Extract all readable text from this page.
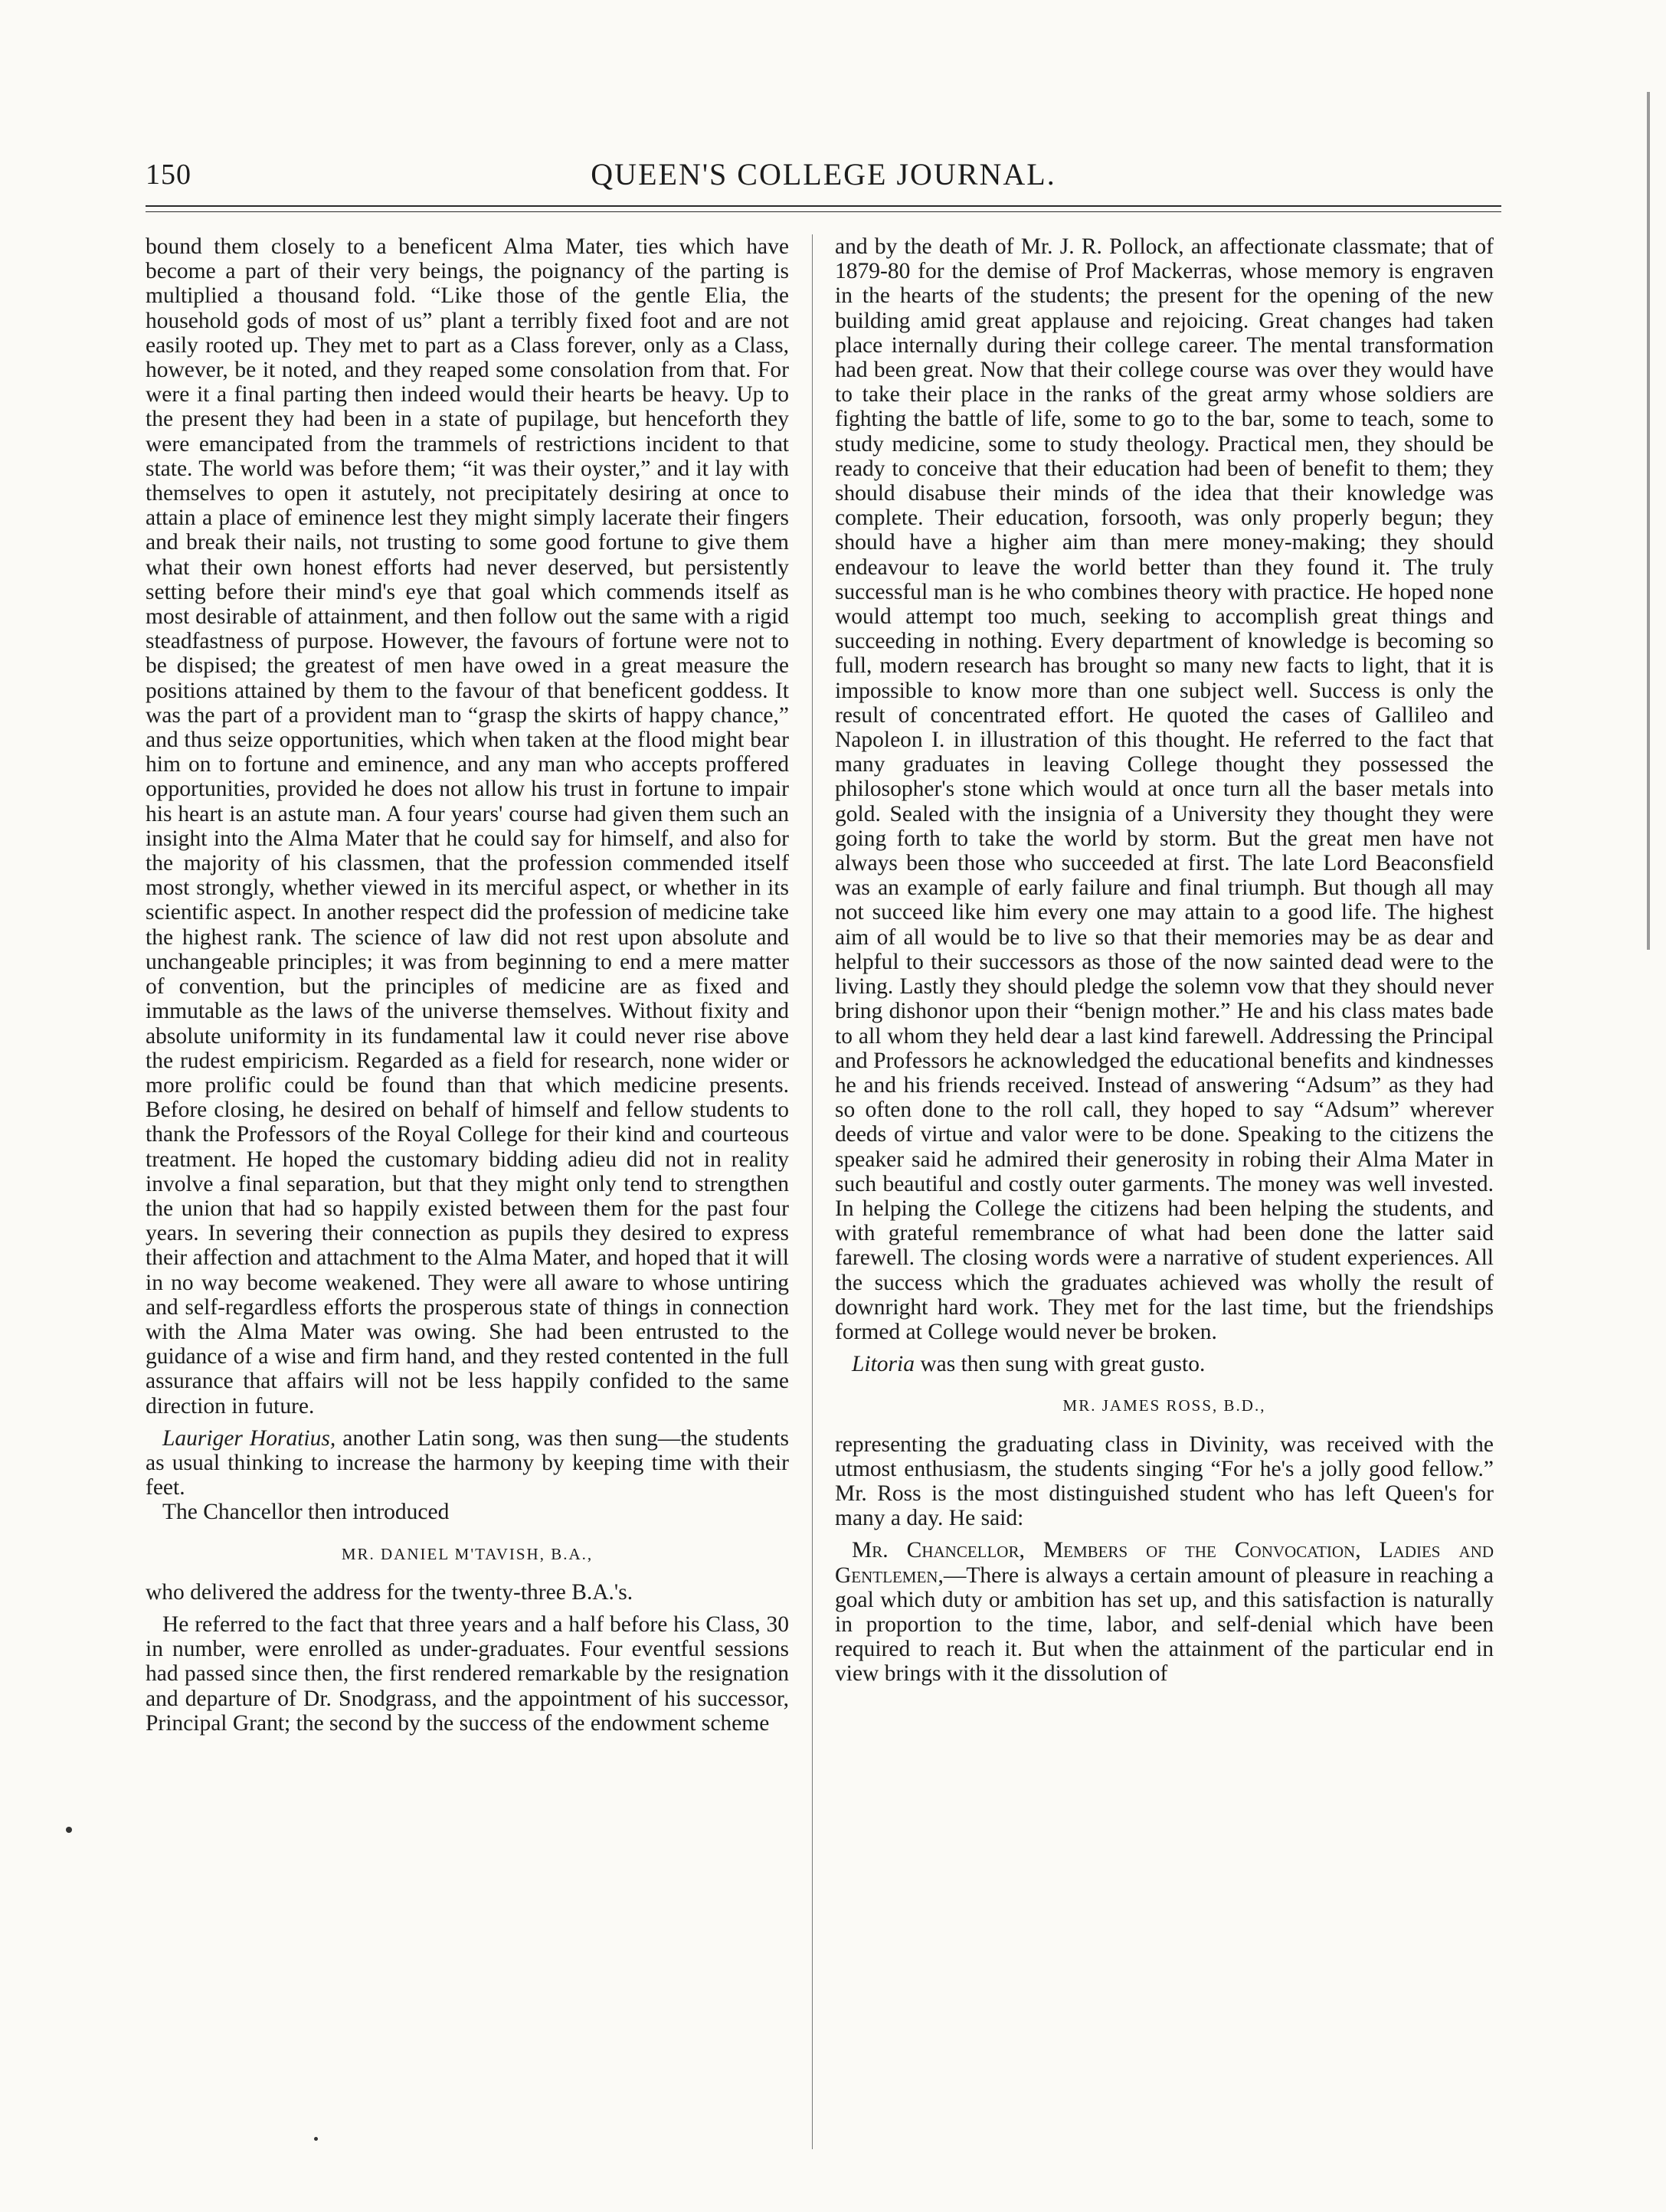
150	QUEEN'S COLLEGE JOURNAL.

bound them closely to a beneficent Alma Mater, ties which have become a part of their very beings, the poignancy of the parting is multiplied a thousand fold. “Like those of the gentle Elia, the household gods of most of us” plant a terribly fixed foot and are not easily rooted up. They met to part as a Class forever, only as a Class, however, be it noted, and they reaped some consolation from that. For were it a final parting then indeed would their hearts be heavy. Up to the present they had been in a state of pupilage, but henceforth they were emancipated from the trammels of restrictions incident to that state. The world was before them; “it was their oyster,” and it lay with themselves to open it astutely, not precipitately desiring at once to attain a place of eminence lest they might simply lacerate their fingers and break their nails, not trusting to some good fortune to give them what their own honest efforts had never deserved, but persistently setting before their mind's eye that goal which commends itself as most desirable of attainment, and then follow out the same with a rigid steadfastness of purpose. However, the favours of fortune were not to be dispised; the greatest of men have owed in a great measure the positions attained by them to the favour of that beneficent goddess. It was the part of a provident man to “grasp the skirts of happy chance,” and thus seize opportunities, which when taken at the flood might bear him on to fortune and eminence, and any man who accepts proffered opportunities, provided he does not allow his trust in fortune to impair his heart is an astute man. A four years' course had given them such an insight into the Alma Mater that he could say for himself, and also for the majority of his classmen, that the profession commended itself most strongly, whether viewed in its merciful aspect, or whether in its scientific aspect. In another respect did the profession of medicine take the highest rank. The science of law did not rest upon absolute and unchangeable principles; it was from beginning to end a mere matter of convention, but the principles of medicine are as fixed and immutable as the laws of the universe themselves. Without fixity and absolute uniformity in its fundamental law it could never rise above the rudest empiricism. Regarded as a field for research, none wider or more prolific could be found than that which medicine presents. Before closing, he desired on behalf of himself and fellow students to thank the Professors of the Royal College for their kind and courteous treatment. He hoped the customary bidding adieu did not in reality involve a final separation, but that they might only tend to strengthen the union that had so happily existed between them for the past four years. In severing their connection as pupils they desired to express their affection and attachment to the Alma Mater, and hoped that it will in no way become weakened. They were all aware to whose untiring and self-regardless efforts the prosperous state of things in connection with the Alma Mater was owing. She had been entrusted to the guidance of a wise and firm hand, and they rested contented in the full assurance that affairs will not be less happily confided to the same direction in future.

Lauriger Horatius, another Latin song, was then sung—the students as usual thinking to increase the harmony by keeping time with their feet.

The Chancellor then introduced

MR. DANIEL M'TAVISH, B.A.,

who delivered the address for the twenty-three B.A.'s.

He referred to the fact that three years and a half before his Class, 30 in number, were enrolled as under-graduates. Four eventful sessions had passed since then, the first rendered remarkable by the resignation and departure of Dr. Snodgrass, and the appointment of his successor, Principal Grant; the second by the success of the endowment scheme

and by the death of Mr. J. R. Pollock, an affectionate classmate; that of 1879-80 for the demise of Prof Mackerras, whose memory is engraven in the hearts of the students; the present for the opening of the new building amid great applause and rejoicing. Great changes had taken place internally during their college career. The mental transformation had been great. Now that their college course was over they would have to take their place in the ranks of the great army whose soldiers are fighting the battle of life, some to go to the bar, some to teach, some to study medicine, some to study theology. Practical men, they should be ready to conceive that their education had been of benefit to them; they should disabuse their minds of the idea that their knowledge was complete. Their education, forsooth, was only properly begun; they should have a higher aim than mere money-making; they should endeavour to leave the world better than they found it. The truly successful man is he who combines theory with practice. He hoped none would attempt too much, seeking to accomplish great things and succeeding in nothing. Every department of knowledge is becoming so full, modern research has brought so many new facts to light, that it is impossible to know more than one subject well. Success is only the result of concentrated effort. He quoted the cases of Gallileo and Napoleon I. in illustration of this thought. He referred to the fact that many graduates in leaving College thought they possessed the philosopher's stone which would at once turn all the baser metals into gold. Sealed with the insignia of a University they thought they were going forth to take the world by storm. But the great men have not always been those who succeeded at first. The late Lord Beaconsfield was an example of early failure and final triumph. But though all may not succeed like him every one may attain to a good life. The highest aim of all would be to live so that their memories may be as dear and helpful to their successors as those of the now sainted dead were to the living. Lastly they should pledge the solemn vow that they should never bring dishonor upon their “benign mother.” He and his class mates bade to all whom they held dear a last kind farewell. Addressing the Principal and Professors he acknowledged the educational benefits and kindnesses he and his friends received. Instead of answering “Adsum” as they had so often done to the roll call, they hoped to say “Adsum” wherever deeds of virtue and valor were to be done. Speaking to the citizens the speaker said he admired their generosity in robing their Alma Mater in such beautiful and costly outer garments. The money was well invested. In helping the College the citizens had been helping the students, and with grateful remembrance of what had been done the latter said farewell. The closing words were a narrative of student experiences. All the success which the graduates achieved was wholly the result of downright hard work. They met for the last time, but the friendships formed at College would never be broken.

Litoria was then sung with great gusto.

MR. JAMES ROSS, B.D.,

representing the graduating class in Divinity, was received with the utmost enthusiasm, the students singing “For he's a jolly good fellow.” Mr. Ross is the most distinguished student who has left Queen's for many a day. He said:

Mr. Chancellor, Members of the Convocation, Ladies and Gentlemen,—There is always a certain amount of pleasure in reaching a goal which duty or ambition has set up, and this satisfaction is naturally in proportion to the time, labor, and self-denial which have been required to reach it. But when the attainment of the particular end in view brings with it the dissolution of
